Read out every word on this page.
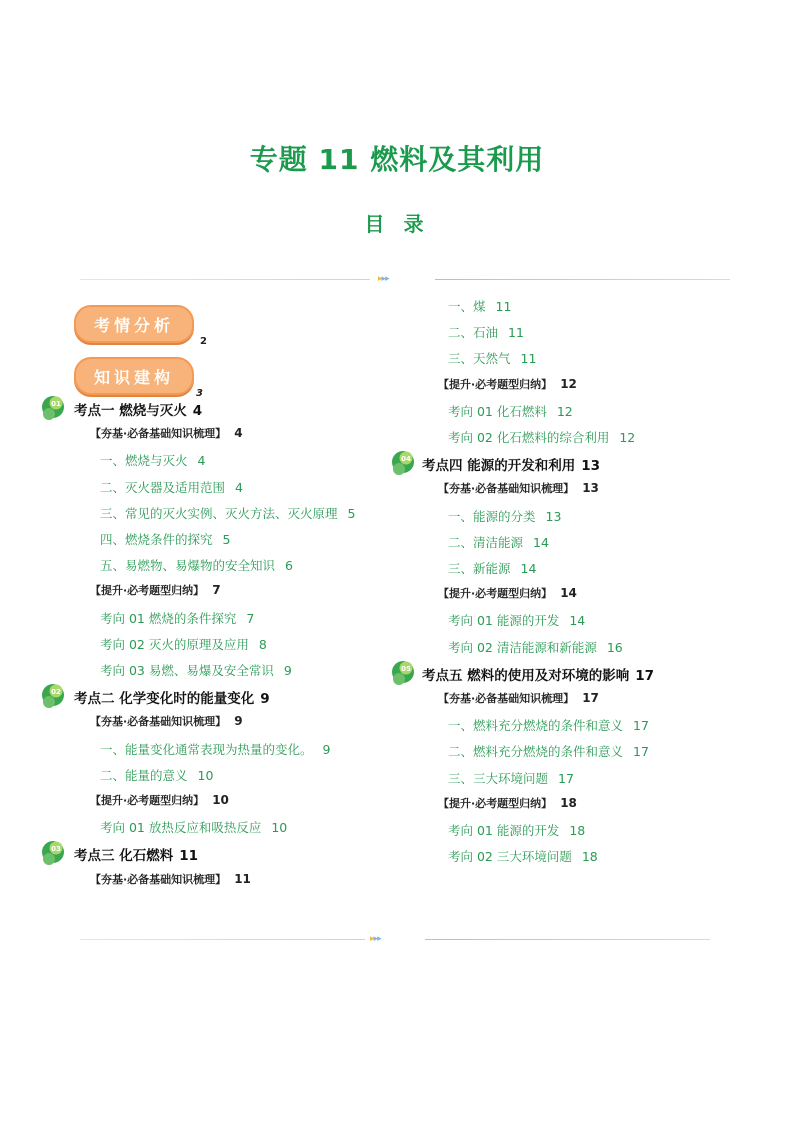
专题 11 燃料及其利用
目 录
▸▸▸
▸▸▸
考情分析
2
知识建构
3
考点一 燃烧与灭火 4
01
【夯基·必备基础知识梳理】 4
一、燃烧与灭火 4
二、灭火器及适用范围 4
三、常见的灭火实例、灭火方法、灭火原理 5
四、燃烧条件的探究 5
五、易燃物、易爆物的安全知识 6
【提升·必考题型归纳】 7
考向 01 燃烧的条件探究 7
考向 02 灭火的原理及应用 8
考向 03 易燃、易爆及安全常识 9
考点二 化学变化时的能量变化 9
02
【夯基·必备基础知识梳理】 9
一、能量变化通常表现为热量的变化。 9
二、能量的意义 10
【提升·必考题型归纳】 10
考向 01 放热反应和吸热反应 10
考点三 化石燃料 11
03
【夯基·必备基础知识梳理】 11
一、煤 11
二、石油 11
三、天然气 11
【提升·必考题型归纳】 12
考向 01 化石燃料 12
考向 02 化石燃料的综合利用 12
考点四 能源的开发和利用 13
04
【夯基·必备基础知识梳理】 13
一、能源的分类 13
二、清洁能源 14
三、新能源 14
【提升·必考题型归纳】 14
考向 01 能源的开发 14
考向 02 清洁能源和新能源 16
考点五 燃料的使用及对环境的影响 17
05
【夯基·必备基础知识梳理】 17
一、燃料充分燃烧的条件和意义 17
二、燃料充分燃烧的条件和意义 17
三、三大环境问题 17
【提升·必考题型归纳】 18
考向 01 能源的开发 18
考向 02 三大环境问题 18
